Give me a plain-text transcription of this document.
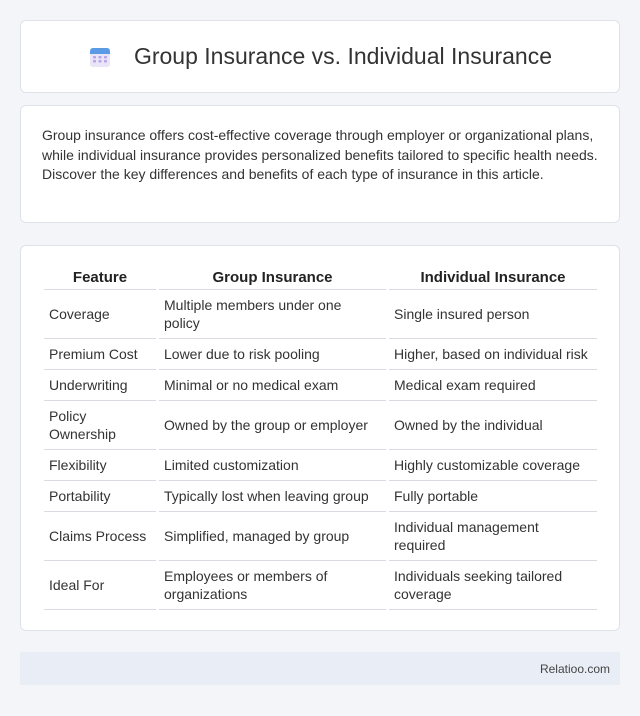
Group Insurance vs. Individual Insurance

Group insurance offers cost-effective coverage through employer or organizational plans, while individual insurance provides personalized benefits tailored to specific health needs. Discover the key differences and benefits of each type of insurance in this article.

Feature	Group Insurance	Individual Insurance
Coverage	Multiple members under one policy	Single insured person
Premium Cost	Lower due to risk pooling	Higher, based on individual risk
Underwriting	Minimal or no medical exam	Medical exam required
Policy Ownership	Owned by the group or employer	Owned by the individual
Flexibility	Limited customization	Highly customizable coverage
Portability	Typically lost when leaving group	Fully portable
Claims Process	Simplified, managed by group	Individual management required
Ideal For	Employees or members of organizations	Individuals seeking tailored coverage
Relatioo.com
